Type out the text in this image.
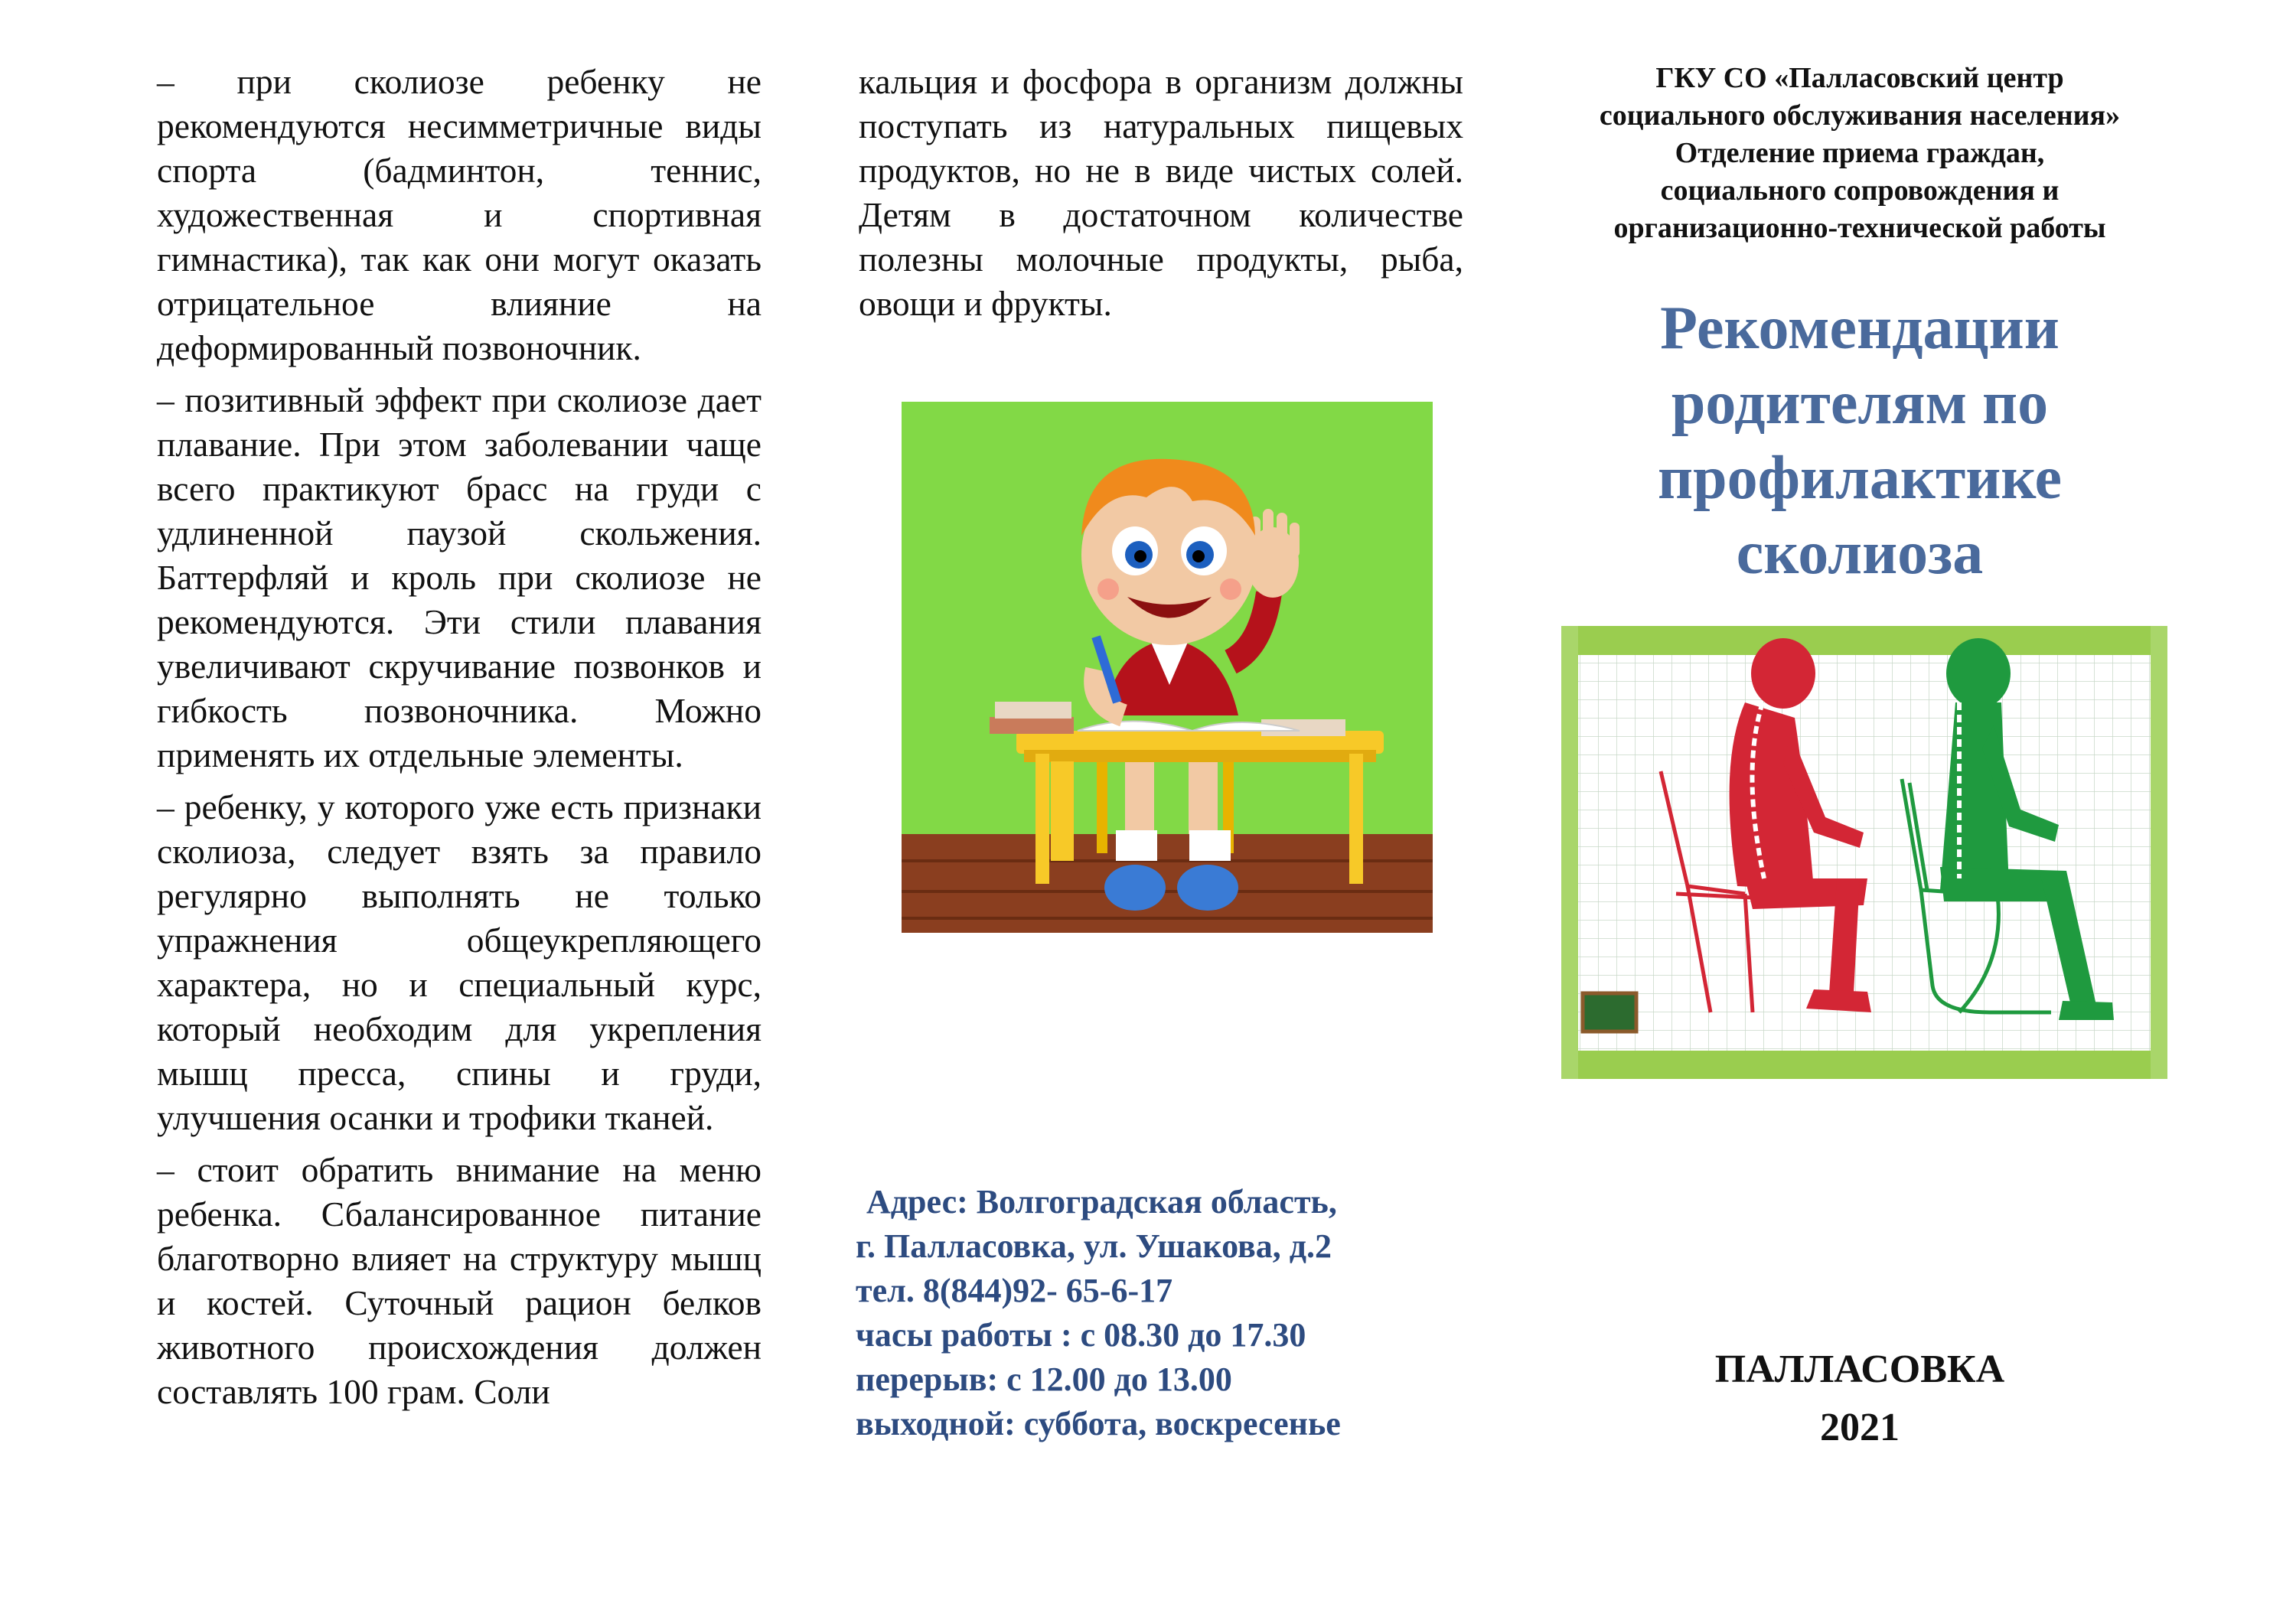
– при сколиозе ребенку не рекомендуются несимметричные виды спорта (бадминтон, теннис, художественная и спортивная гимнастика), так как они могут оказать отрицательное влияние на деформированный позвоночник.

– позитивный эффект при сколиозе дает плавание. При этом заболевании чаще всего практикуют брасс на груди с удлиненной паузой скольжения. Баттерфляй и кроль при сколиозе не рекомендуются. Эти стили плавания увеличивают скручивание позвонков и гибкость позвоночника. Можно применять их отдельные элементы.

– ребенку, у которого уже есть признаки сколиоза, следует взять за правило регулярно выполнять не только упражнения общеукрепляющего характера, но и специальный курс, который необходим для укрепления мышц пресса, спины и груди, улучшения осанки и трофики тканей.

– стоит обратить внимание на меню ребенка. Сбалансированное питание благотворно влияет на структуру мышц и костей. Суточный рацион белков животного происхождения должен составлять 100 грам. Соли

кальция и фосфора в организм должны поступать из натуральных пищевых продуктов, но не в виде чистых солей. Детям в достаточном количестве полезны молочные продукты, рыба, овощи и фрукты.

Адрес: Волгоградская область,
г. Палласовка, ул. Ушакова, д.2
тел. 8(844)92- 65-6-17
часы работы : с 08.30 до 17.30
перерыв: с 12.00 до 13.00
выходной: суббота, воскресенье

ГКУ СО «Палласовский центр

социального обслуживания населения»

Отделение приема граждан,

социального сопровождения и

организационно-технической работы

Рекомендации
родителям по
профилактике
сколиоза
ПАЛЛАСОВКА
2021
